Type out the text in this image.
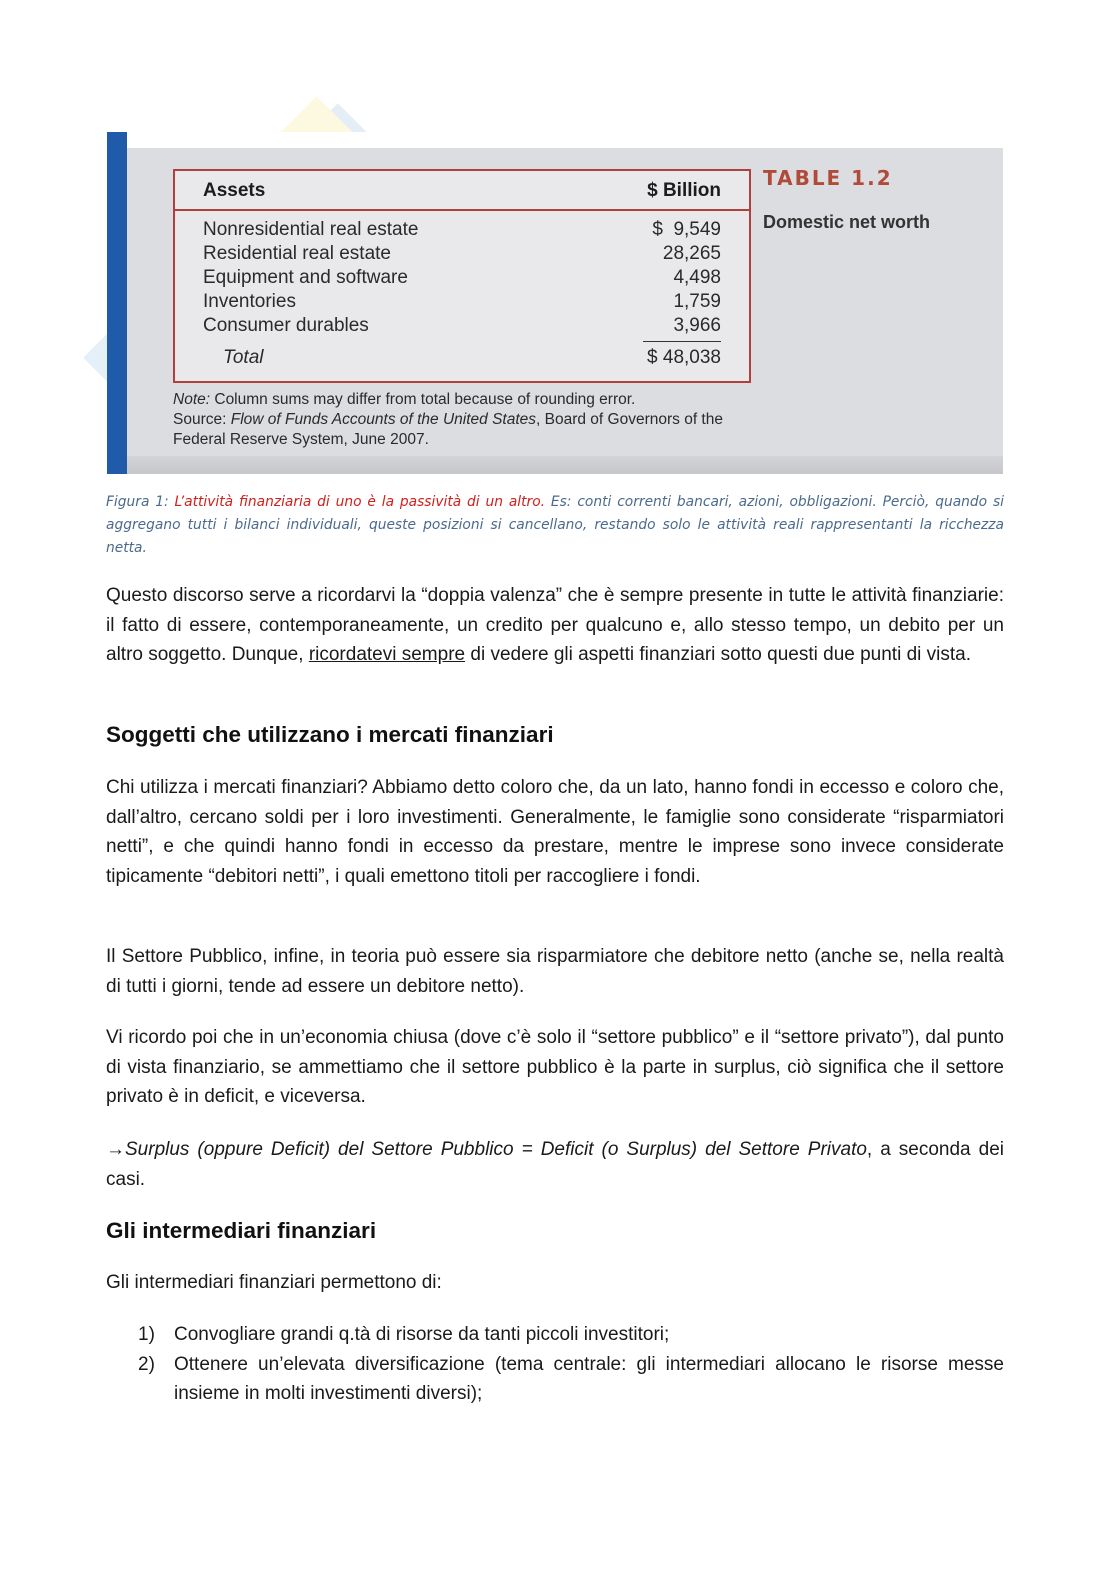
Assets	$ Billion
Nonresidential real estate	$  9,549
Residential real estate	28,265
Equipment and software	4,498
Inventories	1,759
Consumer durables	3,966
Total	$ 48,038
TABLE 1.2
Domestic net worth
Note: Column sums may differ from total because of rounding error.
Source: Flow of Funds Accounts of the United States, Board of Governors of the Federal Reserve System, June 2007.
Figura 1: L’attività finanziaria di uno è la passività di un altro. Es: conti correnti bancari, azioni, obbligazioni. Perciò, quando si aggregano tutti i bilanci individuali, queste posizioni si cancellano, restando solo le attività reali rappresentanti la ricchezza netta.
Questo discorso serve a ricordarvi la “doppia valenza” che è sempre presente in tutte le attività finanziarie: il fatto di essere, contemporaneamente, un credito per qualcuno e, allo stesso tempo, un debito per un altro soggetto. Dunque, ricordatevi sempre di vedere gli aspetti finanziari sotto questi due punti di vista.
Soggetti che utilizzano i mercati finanziari
Chi utilizza i mercati finanziari? Abbiamo detto coloro che, da un lato, hanno fondi in eccesso e coloro che, dall’altro, cercano soldi per i loro investimenti. Generalmente, le famiglie sono considerate “risparmiatori netti”, e che quindi hanno fondi in eccesso da prestare, mentre le imprese sono invece considerate tipicamente “debitori netti”, i quali emettono titoli per raccogliere i fondi.
Il Settore Pubblico, infine, in teoria può essere sia risparmiatore che debitore netto (anche se, nella realtà di tutti i giorni, tende ad essere un debitore netto).
Vi ricordo poi che in un’economia chiusa (dove c’è solo il “settore pubblico” e il “settore privato”), dal punto di vista finanziario, se ammettiamo che il settore pubblico è la parte in surplus, ciò significa che il settore privato è in deficit, e viceversa.
→Surplus (oppure Deficit) del Settore Pubblico = Deficit (o Surplus) del Settore Privato, a seconda dei casi.
Gli intermediari finanziari
Gli intermediari finanziari permettono di:
1) Convogliare grandi q.tà di risorse da tanti piccoli investitori;
2) Ottenere un’elevata diversificazione (tema centrale: gli intermediari allocano le risorse messe insieme in molti investimenti diversi);
